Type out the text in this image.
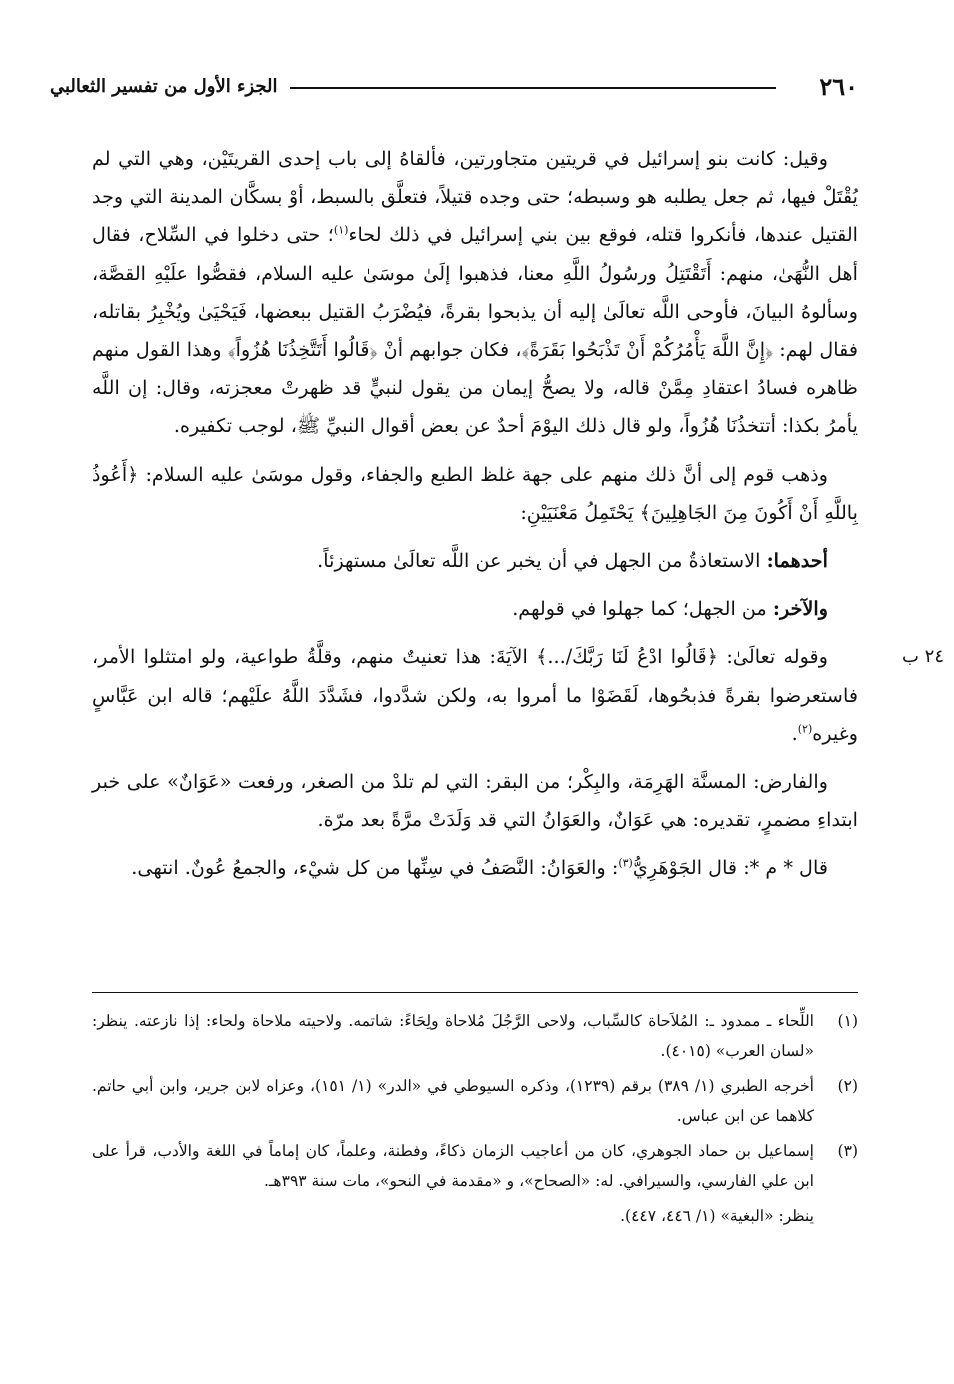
٢٦٠
الجزء الأول من تفسير الثعالبي

وقيل: كانت بنو إسرائيل في قريتين متجاورتين، فألقاهُ إلى باب إحدى القريتَيْن، وهي التي لم يُقْتَلْ فيها، ثم جعل يطلبه هو وسبطه؛ حتى وجده قتيلاً، فتعلَّق بالسبط، أوْ بسكَّان المدينة التي وجد القتيل عندها، فأنكروا قتله، فوقع بين بني إسرائيل في ذلك لحاء$^{(١)}$؛ حتى دخلوا في السِّلاح، فقال أهل النُّهَىٰ، منهم: أَتَقْتَتِلُ ورسُولُ اللَّهِ معنا، فذهبوا إلَىٰ موسَىٰ عليه السلام، فقصُّوا علَيْهِ القصَّة، وسألوهُ البيانَ، فأوحى اللَّه تعالَىٰ إليه أن يذبحوا بقرةً، فيُضْرَبُ القتيل ببعضها، فَيَحْيَىٰ ويُخْبِرُ بقاتله، فقال لهم: ﴿إِنَّ اللَّهَ يَأْمُرُكُمْ أَنْ تَذْبَحُوا بَقَرَةً﴾، فكان جوابهم أنْ ﴿قَالُوا أَتَتَّخِذُنَا هُزُواً﴾ وهذا القول منهم ظاهره فسادُ اعتقادِ مِمَّنْ قاله، ولا يصحُّ إيمان من يقول لنبيٍّ قد ظهرتْ معجزته، وقال: إن اللَّه يأمرُ بكذا: أتتخذُنَا هُزُواً، ولو قال ذلك اليوْمَ أحدٌ عن بعض أقوال النبيِّ ﷺ، لوجب تكفيره.

وذهب قوم إلى أنَّ ذلك منهم على جهة غلظ الطبع والجفاء، وقول موسَىٰ عليه السلام: ﴿أَعُوذُ بِاللَّهِ أَنْ أَكُونَ مِنَ الجَاهِلِينَ﴾ يَحْتَمِلُ مَعْنَيَيْنِ:

أحدهما: الاستعاذةُ من الجهل في أن يخبر عن اللَّه تعالَىٰ مستهزئاً.

والآخر: من الجهل؛ كما جهلوا في قولهم.

٢٤ ب

وقوله تعالَىٰ: ﴿قَالُوا ادْعُ لَنَا رَبَّكَ/...﴾ الآيَةَ: هذا تعنيتٌ منهم، وقلَّةُ طواعية، ولو امتثلوا الأمر، فاستعرضوا بقرةً فذبحُوها، لَقَضَوْا ما أمروا به، ولكن شدَّدوا، فشَدَّدَ اللَّهُ علَيْهم؛ قاله ابن عَبَّاسٍ وغيره$^{(٢)}$.

والفارض: المسنَّة الهَرِمَة، والبِكْر؛ من البقر: التي لم تلدْ من الصغر، ورفعت «عَوَانٌ» على خبر ابتداءِ مضمرٍ، تقديره: هي عَوَانٌ، والعَوَانُ التي قد وَلَدَتْ مرَّةً بعد مرّة.

قال * م *: قال الجَوْهَرِيُّ$^{(٣)}$: والعَوَانُ: النَّصَفُ في سِنِّها من كل شيْء، والجمعُ عُونٌ. انتهى.

(١)
اللِّحاء ـ ممدود ـ: المُلاَحاة كالسِّباب، ولاحى الرَّجُلَ مُلاحاة ولِحَاءً: شاتمه. ولاحيته ملاحاة ولحاء: إذا نازعته. ينظر: «لسان العرب» (٤٠١٥).
(٢)
أخرجه الطبري (١/ ٣٨٩) برقم (١٢٣٩)، وذكره السيوطي في «الدر» (١/ ١٥١)، وعزاه لابن جرير، وابن أبي حاتم. كلاهما عن ابن عباس.
(٣)
إسماعيل بن حماد الجوهري، كان من أعاجيب الزمان ذكاءً، وفطنة، وعلماً، كان إماماً في اللغة والأدب، قرأ على ابن علي الفارسي، والسيرافي. له: «الصحاح»، و «مقدمة في النحو»، مات سنة ٣٩٣هـ.
ينظر: «البغية» (١/ ٤٤٦، ٤٤٧).
